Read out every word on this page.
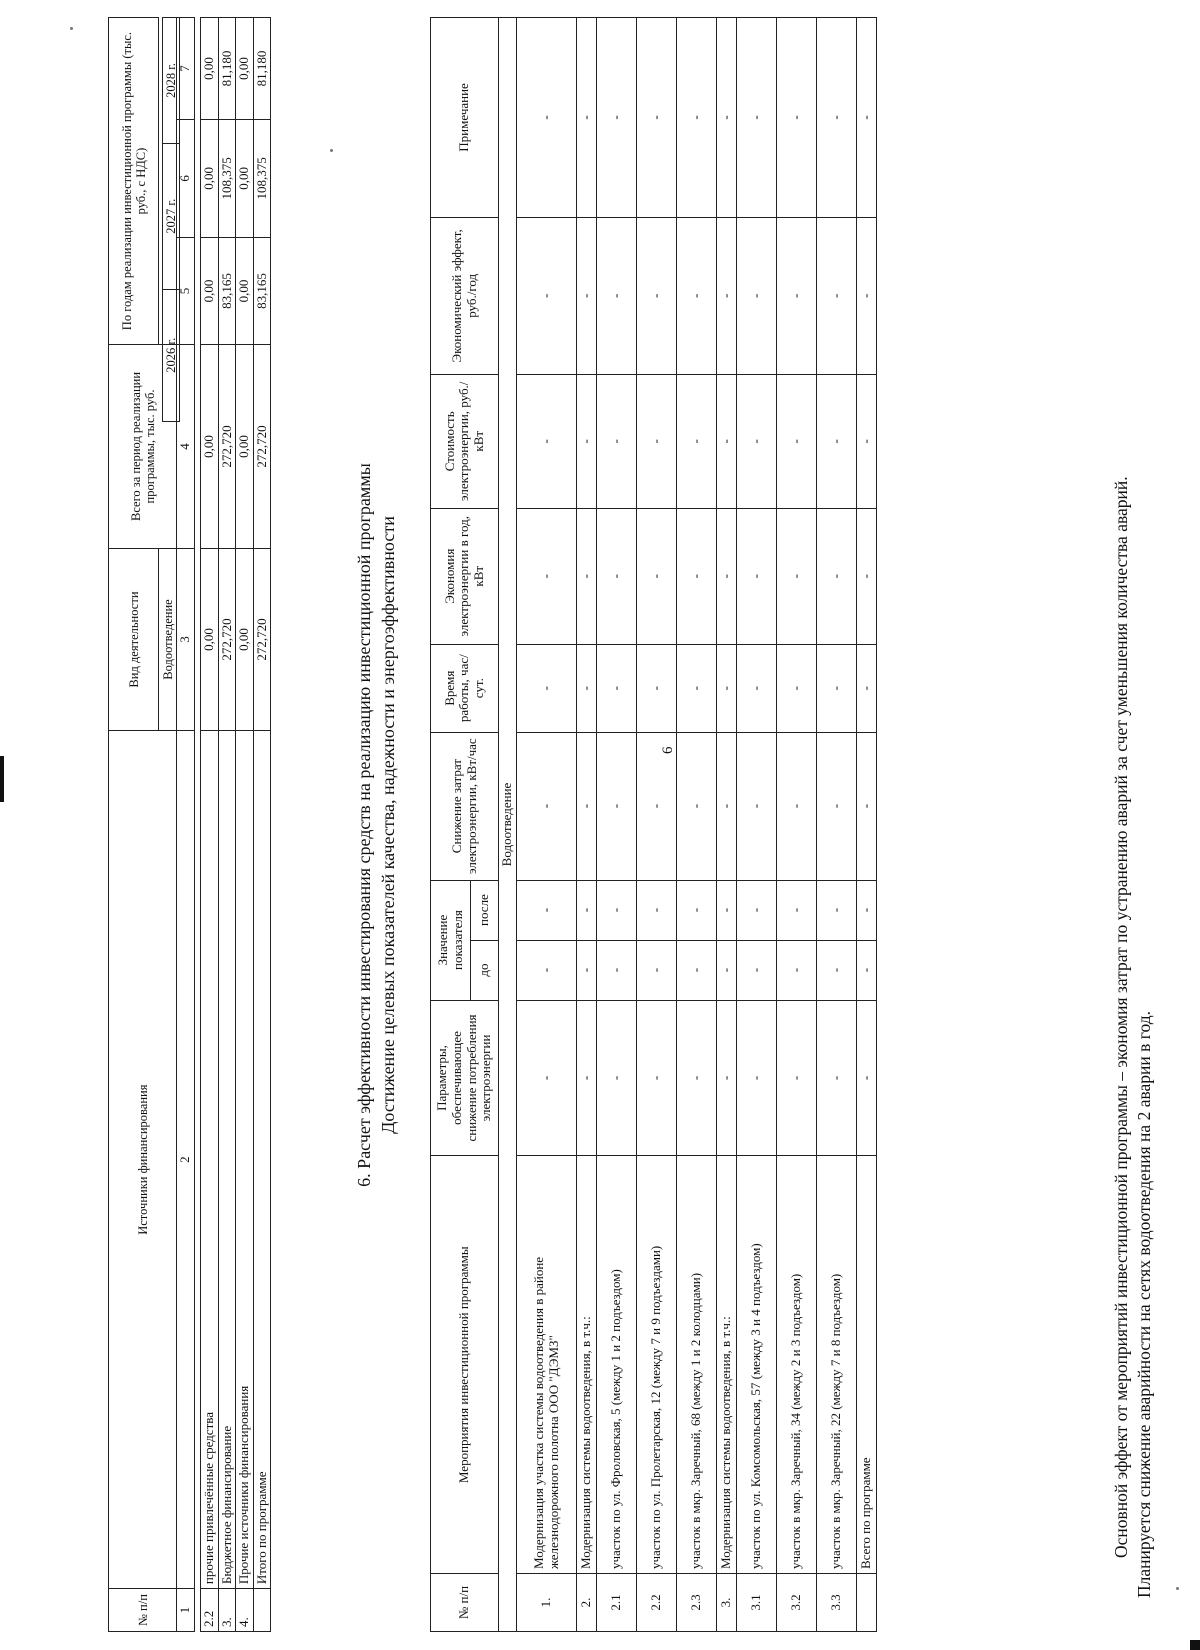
6
№ п/п	Источники финансирования	Вид деятельности	Всего за период реализации программы, тыс. руб.	По годам реализации инвестиционной программы (тыс. руб., с НДС)		

		Водоотведение			
1	2	3	4	5	6	7
2.2	прочие привлечённые средства	0,00	0,00	0,00	0,00	0,00
3.	Бюджетное финансирование	272,720	272,720	83,165	108,375	81,180
4.	Прочие источники финансирования	0,00	0,00	0,00	0,00	0,00
	Итого по программе	272,720	272,720	83,165	108,375	81,180
2026 г.	2027 г.	2028 г.
6. Расчет эффективности инвестирования средств на реализацию инвестиционной программы Достижение целевых показателей качества, надежности и энергоэффективности
№ п/п	Мероприятия инвестиционной программы	Параметры, обеспечивающее снижение потребления электроэнергии	Значение показателя		Снижение затрат электроэнергии, кВт/час	Время работы, час/сут.	Экономия электроэнергии в год, кВт	Стоимость электроэнергии, руб./кВт	Экономический эффект, руб./год	Примечание
			до	после						
Водоотведение										
1.	Модернизация участка системы водоотведения в районе железнодорожного полотна ООО "ДЭМЗ"	-	-	-	-	-	-	-	-	-
2.	Модернизация системы водоотведения, в т.ч.:	-	-	-	-	-	-	-	-	-
2.1	участок по ул. Фроловская, 5 (между 1 и 2 подъездом)	-	-	-	-	-	-	-	-	-
2.2	участок по ул. Пролетарская, 12 (между 7 и 9 подъездами)	-	-	-	-	-	-	-	-	-
2.3	участок в мкр. Заречный, 68 (между 1 и 2 колодцами)	-	-	-	-	-	-	-	-	-
3.	Модернизация системы водоотведения, в т.ч.:	-	-	-	-	-	-	-	-	-
3.1	участок по ул. Комсомольская, 57 (между 3 и 4 подъездом)	-	-	-	-	-	-	-	-	-
3.2	участок в мкр. Заречный, 34 (между 2 и 3 подъездом)	-	-	-	-	-	-	-	-	-
3.3	участок в мкр. Заречный, 22 (между 7 и 8 подъездом)	-	-	-	-	-	-	-	-	-
	Всего по программе	-	-	-	-	-	-	-	-	-
Основной эффект от мероприятий инвестиционной программы – экономия затрат по устранению аварий за счет уменьшения количества аварий. Планируется снижение аварийности на сетях водоотведения на 2 аварии в год.
